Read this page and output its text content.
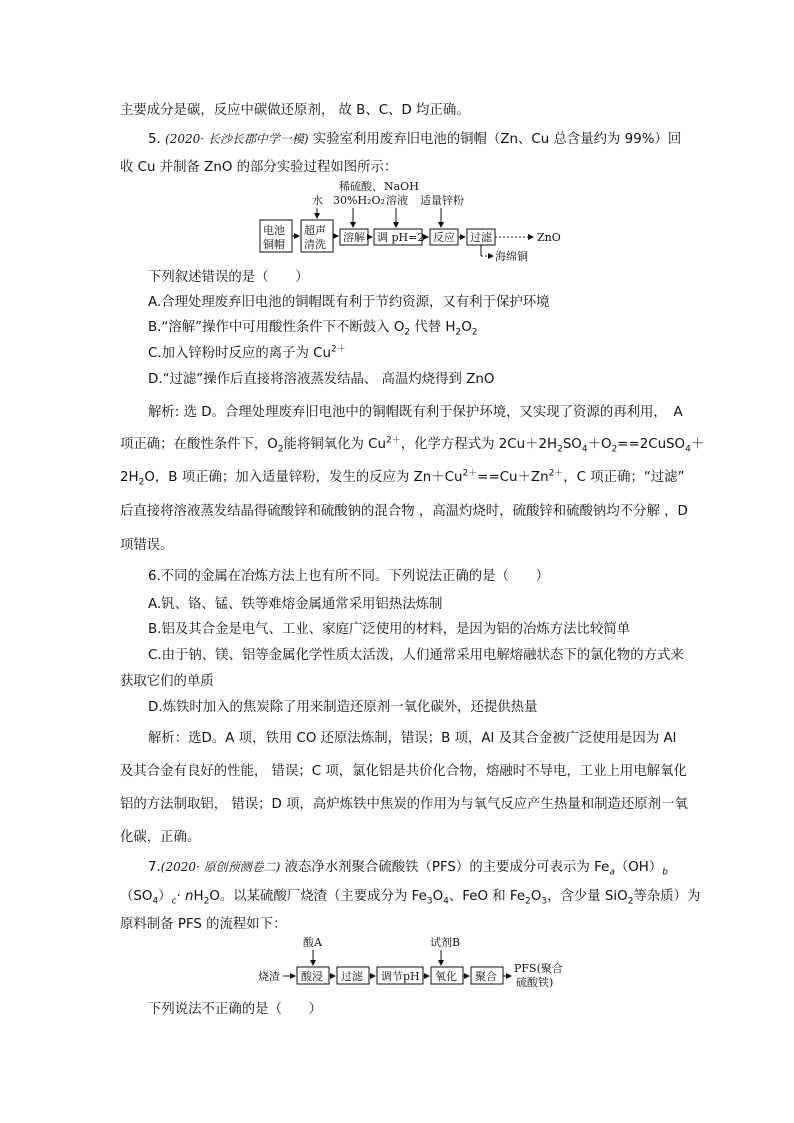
主要成分是碳，反应中碳做还原剂， 故 B、C、D 均正确。
5. (2020· 长沙长郡中学一模) 实验室利用废弃旧电池的铜帽（Zn、Cu 总含量约为 99%）回
收 Cu 并制备 ZnO 的部分实验过程如图所示：
水
稀硫酸、
30%H₂O₂
NaOH
溶液 适量锌粉
电池
铜帽
超声
清洗
溶解 调 pH=2 反应 过滤	ZnO
海绵铜
下列叙述错误的是（　　）
A.合理处理废弃旧电池的铜帽既有利于节约资源，又有利于保护环境
B.“溶解”操作中可用酸性条件下不断鼓入 $O_2$ 代替 $H_2O_2$
C.加入锌粉时反应的离子为 $Cu^{2+}$
D.“过滤”操作后直接将溶液蒸发结晶、 高温灼烧得到 ZnO
解析: 选 D。合理处理废弃旧电池中的铜帽既有利于保护环境，又实现了资源的再利用，　A
项正确；在酸性条件下，$O_2$能将铜氧化为 $Cu^{2+}$，化学方程式为 $2Cu+2H_2SO_4+O_2==2CuSO_4+$
$2H_2O$，B 项正确；加入适量锌粉，发生的反应为 $Zn+Cu^{2+}==Cu+Zn^{2+}$，C 项正确；“过滤”
后直接将溶液蒸发结晶得硫酸锌和硫酸钠的混合物 ，高温灼烧时，硫酸锌和硫酸钠均不分解 ，D
项错误。
6.不同的金属在冶炼方法上也有所不同。下列说法正确的是（　　）
A.钒、铬、锰、铁等难熔金属通常采用铝热法炼制
B.铝及其合金是电气、工业、家庭广泛使用的材料，是因为铝的冶炼方法比较简单
C.由于钠、镁、铝等金属化学性质太活泼，人们通常采用电解熔融状态下的氯化物的方式来
获取它们的单质
D.炼铁时加入的焦炭除了用来制造还原剂一氧化碳外，还提供热量
解析：选D。A 项，铁用 CO 还原法炼制，错误；B 项，Al 及其合金被广泛使用是因为 Al
及其合金有良好的性能， 错误；C 项，氯化铝是共价化合物，熔融时不导电，工业上用电解氧化
铝的方法制取铝， 错误；D 项，高炉炼铁中焦炭的作用为与氧气反应产生热量和制造还原剂一氧
化碳，正确。
7.(2020· 原创预测卷二) 液态净水剂聚合硫酸铁（PFS）的主要成分可表示为 $Fe_a(OH)_b$
$(SO_4)_c\cdot nH_2O$。以某硫酸厂烧渣（主要成分为 $Fe_3O_4$、FeO 和 $Fe_2O_3$，含少量 SiO$_2$等杂质）为
原料制备 PFS 的流程如下：
酸A	试剂B
烧渣 酸浸 过滤 调节pH 氧化 聚合
PFS(聚合
硫酸铁)
下列说法不正确的是（　　）
